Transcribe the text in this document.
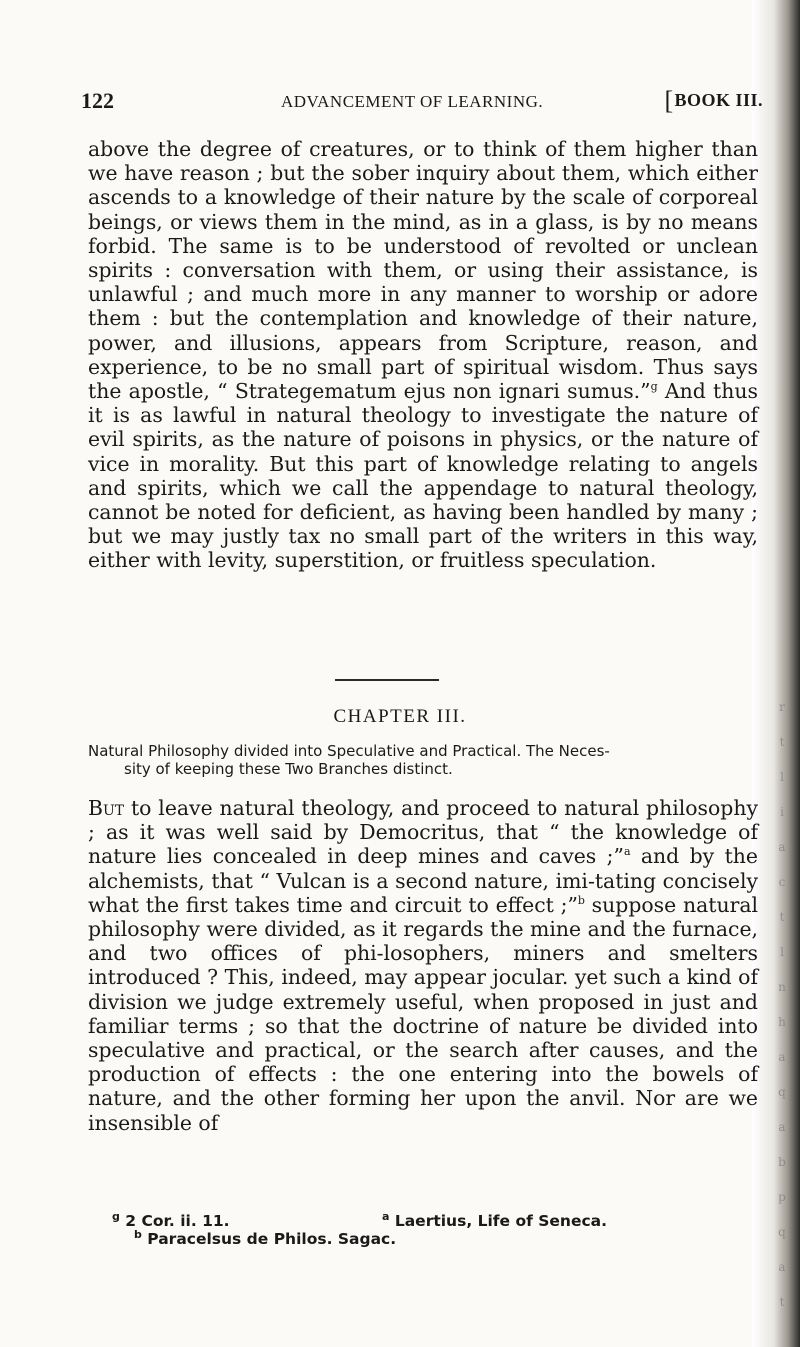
r
t
l
i
a
c
t
l
n
h
a
q
a
b
p
q
a
t
122	ADVANCEMENT OF LEARNING.	[ BOOK III.

above the degree of creatures, or to think of them higher than we have reason ; but the sober inquiry about them, which either ascends to a knowledge of their nature by the scale of corporeal beings, or views them in the mind, as in a glass, is by no means forbid. The same is to be understood of revolted or unclean spirits : conversation with them, or using their assistance, is unlawful ; and much more in any manner to worship or adore them : but the contemplation and knowledge of their nature, power, and illusions, appears from Scripture, reason, and experience, to be no small part of spiritual wisdom. Thus says the apostle, “ Strategematum ejus non ignari sumus.”$^g$ And thus it is as lawful in natural theology to investigate the nature of evil spirits, as the nature of poisons in physics, or the nature of vice in morality. But this part of knowledge relating to angels and spirits, which we call the appendage to natural theology, cannot be noted for deficient, as having been handled by many ; but we may justly tax no small part of the writers in this way, either with levity, superstition, or fruitless speculation.

CHAPTER III.
Natural Philosophy divided into Speculative and Practical. The Neces-
sity of keeping these Two Branches distinct.

But to leave natural theology, and proceed to natural philosophy ; as it was well said by Democritus, that “ the knowledge of nature lies concealed in deep mines and caves ;”$^a$ and by the alchemists, that “ Vulcan is a second nature, imi-tating concisely what the first takes time and circuit to effect ;”$^b$ suppose natural philosophy were divided, as it regards the mine and the furnace, and two offices of phi-losophers, miners and smelters introduced ? This, indeed, may appear jocular. yet such a kind of division we judge extremely useful, when proposed in just and familiar terms ; so that the doctrine of nature be divided into speculative and practical, or the search after causes, and the production of effects : the one entering into the bowels of nature, and the other forming her upon the anvil. Nor are we insensible of

$^g$ 2 Cor. ii. 11.	$^a$ Laertius, Life of Seneca.
$^b$ Paracelsus de Philos. Sagac.
